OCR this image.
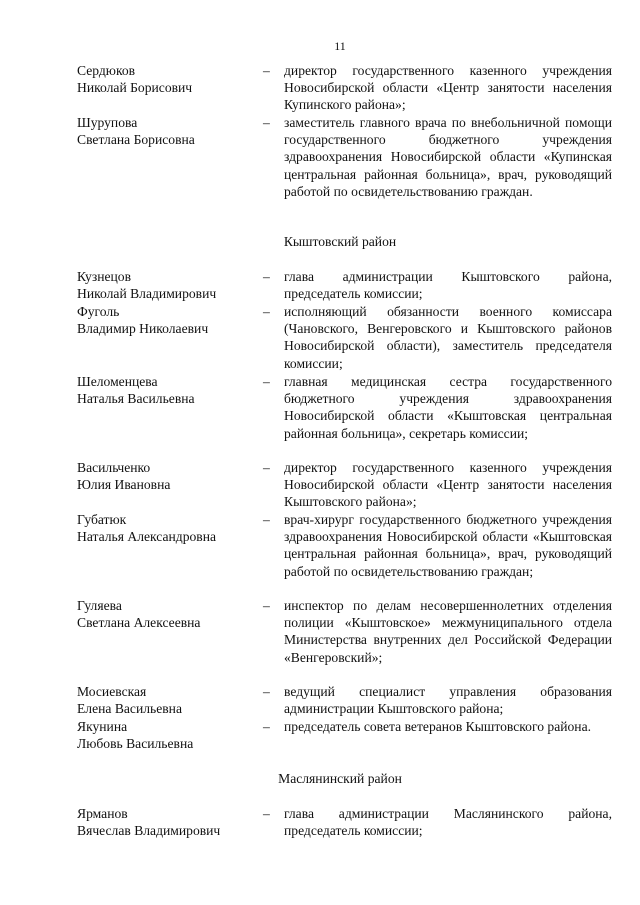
11
Сердюков
Николай Борисович
– директор государственного казенного учреждения Новосибирской области «Центр занятости населения Купинского района»;
Шурупова
Светлана Борисовна
– заместитель главного врача по внебольничной помощи государственного бюджетного учреждения здравоохранения Новосибирской области «Купинская центральная районная больница», врач, руководящий работой по освидетельствованию граждан.
Кыштовский район
Кузнецов
Николай Владимирович
– глава администрации Кыштовского района, председатель комиссии;
Фуголь
Владимир Николаевич
– исполняющий обязанности военного комиссара (Чановского, Венгеровского и Кыштовского районов Новосибирской области), заместитель председателя комиссии;
Шеломенцева
Наталья Васильевна
– главная медицинская сестра государственного бюджетного учреждения здравоохранения Новосибирской области «Кыштовская центральная районная больница», секретарь комиссии;
Васильченко
Юлия Ивановна
– директор государственного казенного учреждения Новосибирской области «Центр занятости населения Кыштовского района»;
Губатюк
Наталья Александровна
– врач-хирург государственного бюджетного учреждения здравоохранения Новосибирской области «Кыштовская центральная районная больница», врач, руководящий работой по освидетельствованию граждан;
Гуляева
Светлана Алексеевна
– инспектор по делам несовершеннолетних отделения полиции «Кыштовское» межмуниципального отдела Министерства внутренних дел Российской Федерации «Венгеровский»;
Мосиевская
Елена Васильевна
– ведущий специалист управления образования администрации Кыштовского района;
Якунина
Любовь Васильевна
– председатель совета ветеранов Кыштовского района.
Маслянинский район
Ярманов
Вячеслав Владимирович
– глава администрации Маслянинского района, председатель комиссии;
